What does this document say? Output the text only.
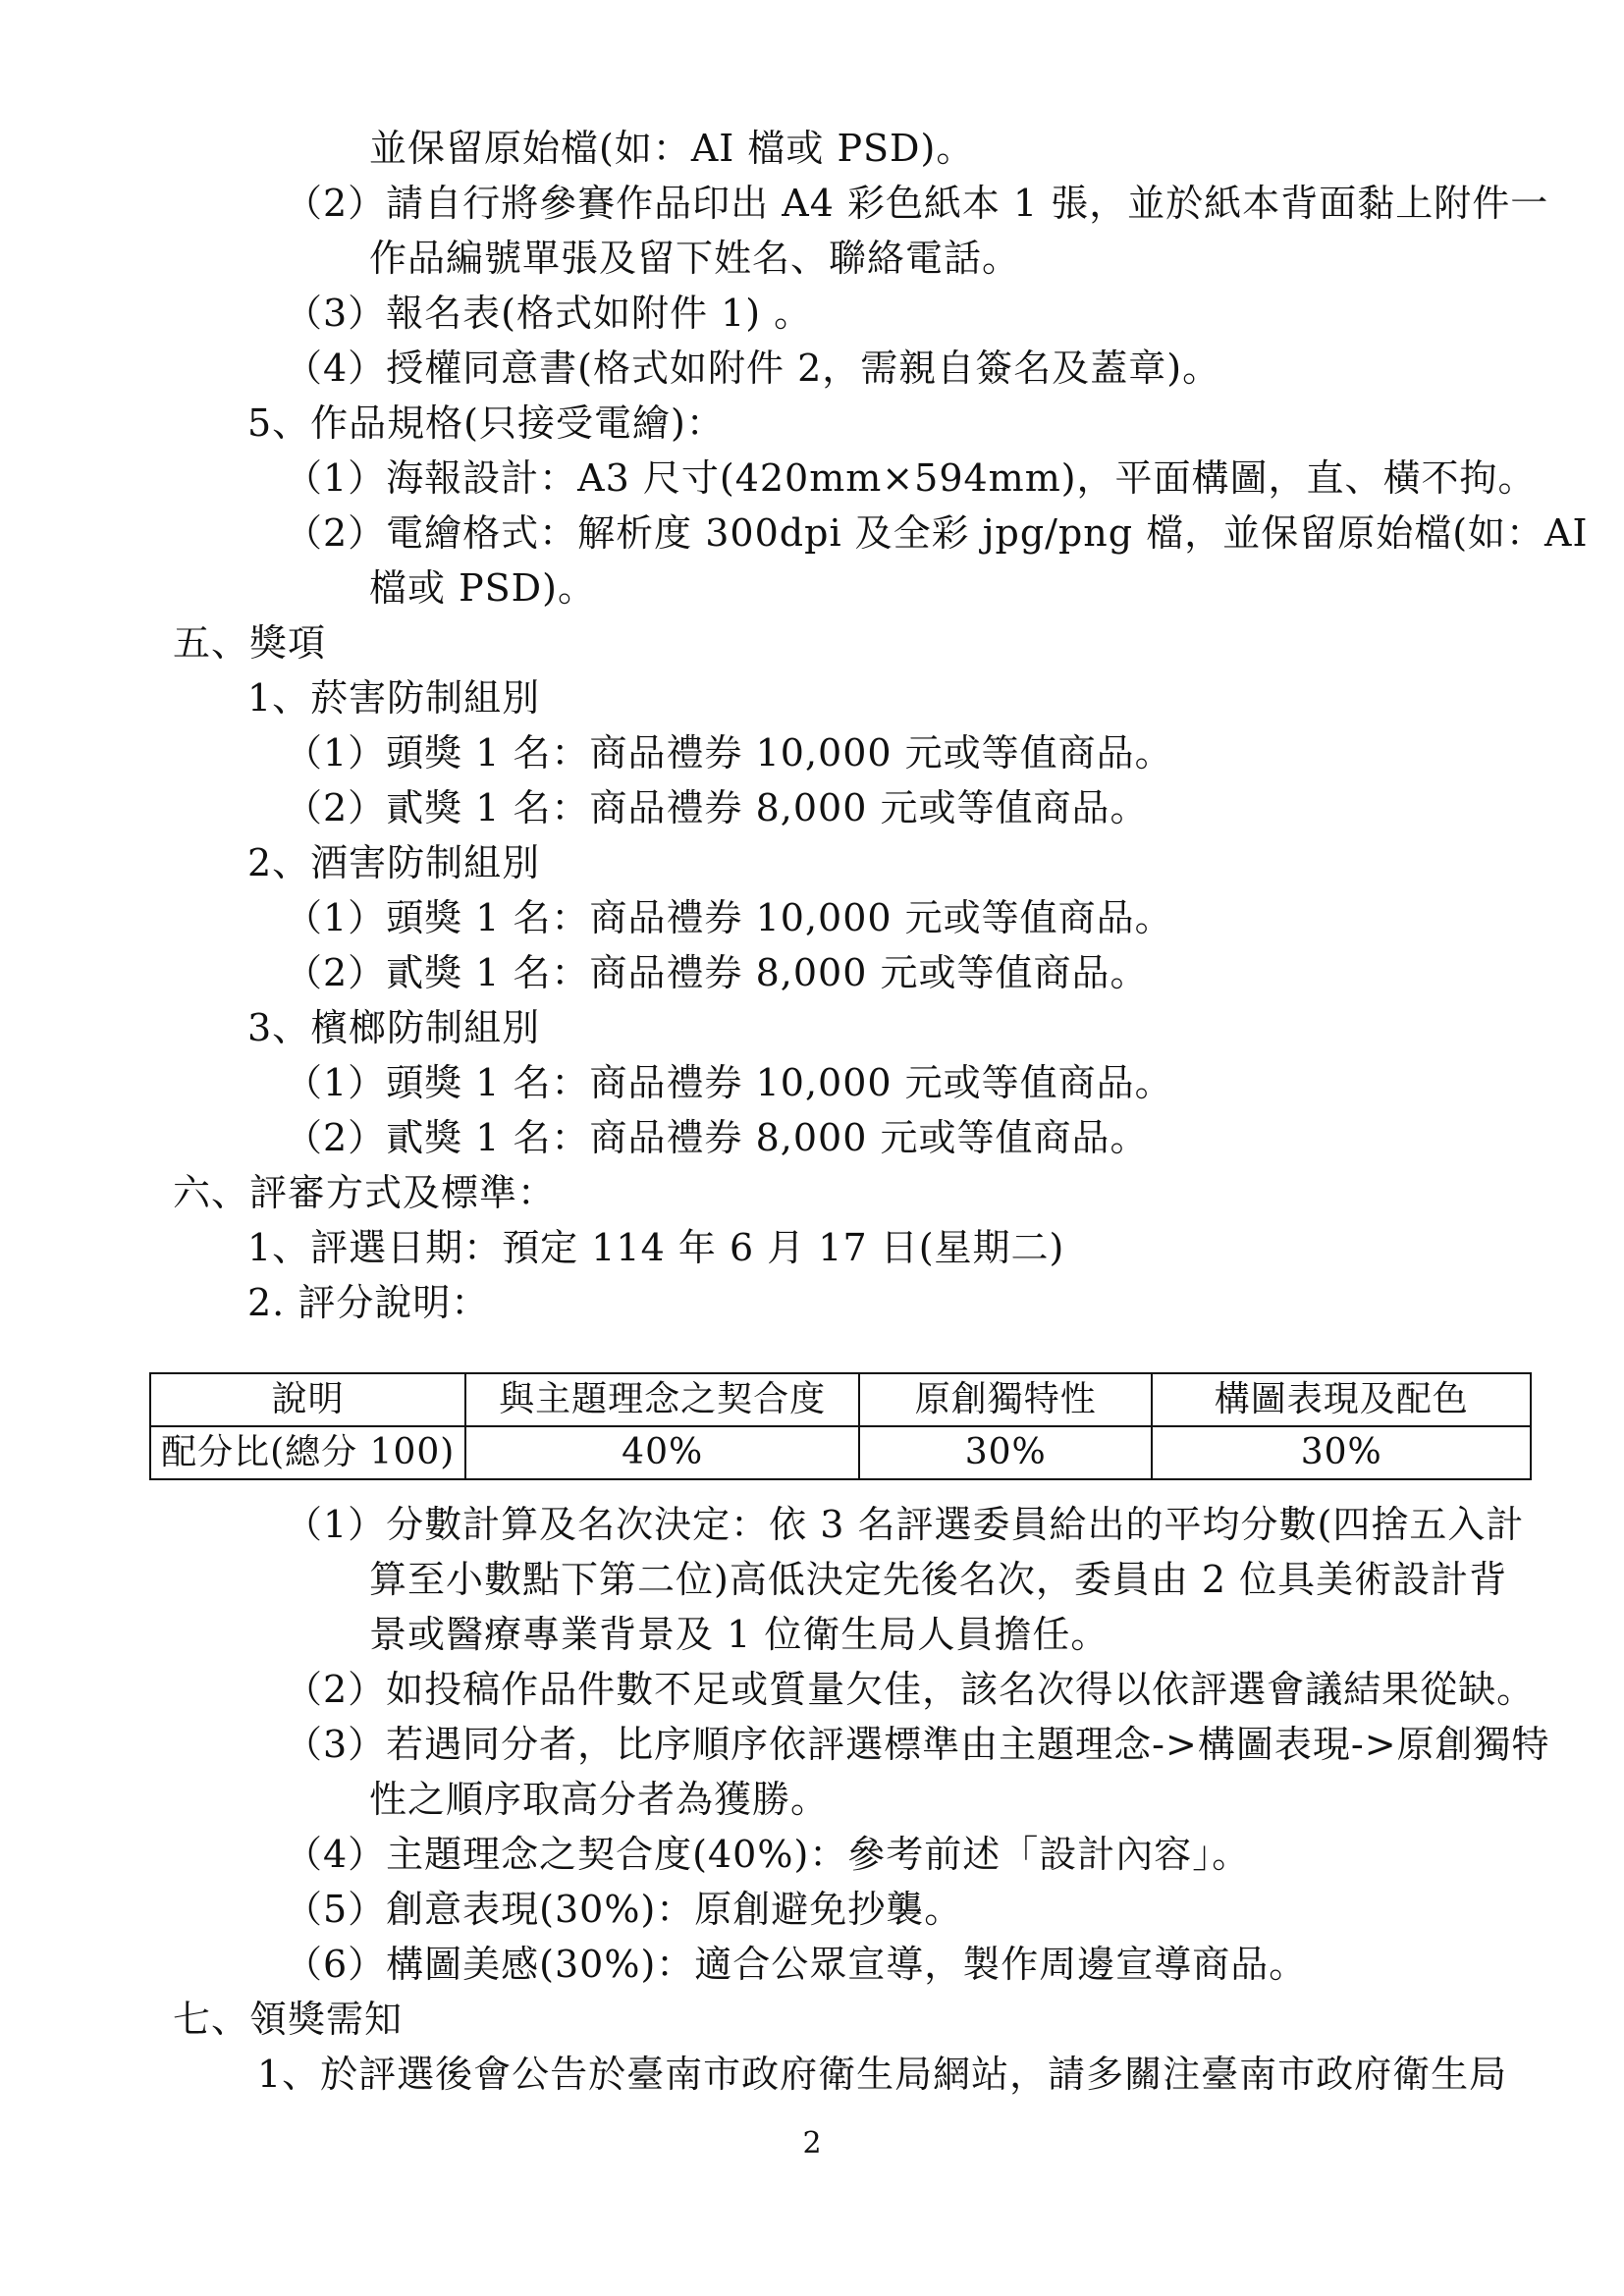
並保留原始檔(如：AI 檔或 PSD)。
（2）請自行將參賽作品印出 A4 彩色紙本 1 張，並於紙本背面黏上附件一
作品編號單張及留下姓名、聯絡電話。
（3）報名表(格式如附件 1) 。
（4）授權同意書(格式如附件 2，需親自簽名及蓋章)。
5、作品規格(只接受電繪)：
（1）海報設計：A3 尺寸(420mm×594mm)，平面構圖，直、橫不拘。
（2）電繪格式：解析度 300dpi 及全彩 jpg/png 檔，並保留原始檔(如：AI
檔或 PSD)。
五、獎項
1、菸害防制組別
（1）頭獎 1 名：商品禮券 10,000 元或等值商品。
（2）貳獎 1 名：商品禮券 8,000 元或等值商品。
2、酒害防制組別
（1）頭獎 1 名：商品禮券 10,000 元或等值商品。
（2）貳獎 1 名：商品禮券 8,000 元或等值商品。
3、檳榔防制組別
（1）頭獎 1 名：商品禮券 10,000 元或等值商品。
（2）貳獎 1 名：商品禮券 8,000 元或等值商品。
六、評審方式及標準：
1、評選日期：預定 114 年 6 月 17 日(星期二)
2. 評分說明：
說明	與主題理念之契合度	原創獨特性	構圖表現及配色
配分比(總分 100)	40%	30%	30%
（1）分數計算及名次決定：依 3 名評選委員給出的平均分數(四捨五入計
算至小數點下第二位)高低決定先後名次，委員由 2 位具美術設計背
景或醫療專業背景及 1 位衛生局人員擔任。
（2）如投稿作品件數不足或質量欠佳，該名次得以依評選會議結果從缺。
（3）若遇同分者，比序順序依評選標準由主題理念->構圖表現->原創獨特
性之順序取高分者為獲勝。
（4）主題理念之契合度(40%)：參考前述「設計內容」。
（5）創意表現(30%)：原創避免抄襲。
（6）構圖美感(30%)：適合公眾宣導，製作周邊宣導商品。
七、領獎需知
1、於評選後會公告於臺南市政府衛生局網站，請多關注臺南市政府衛生局
2
